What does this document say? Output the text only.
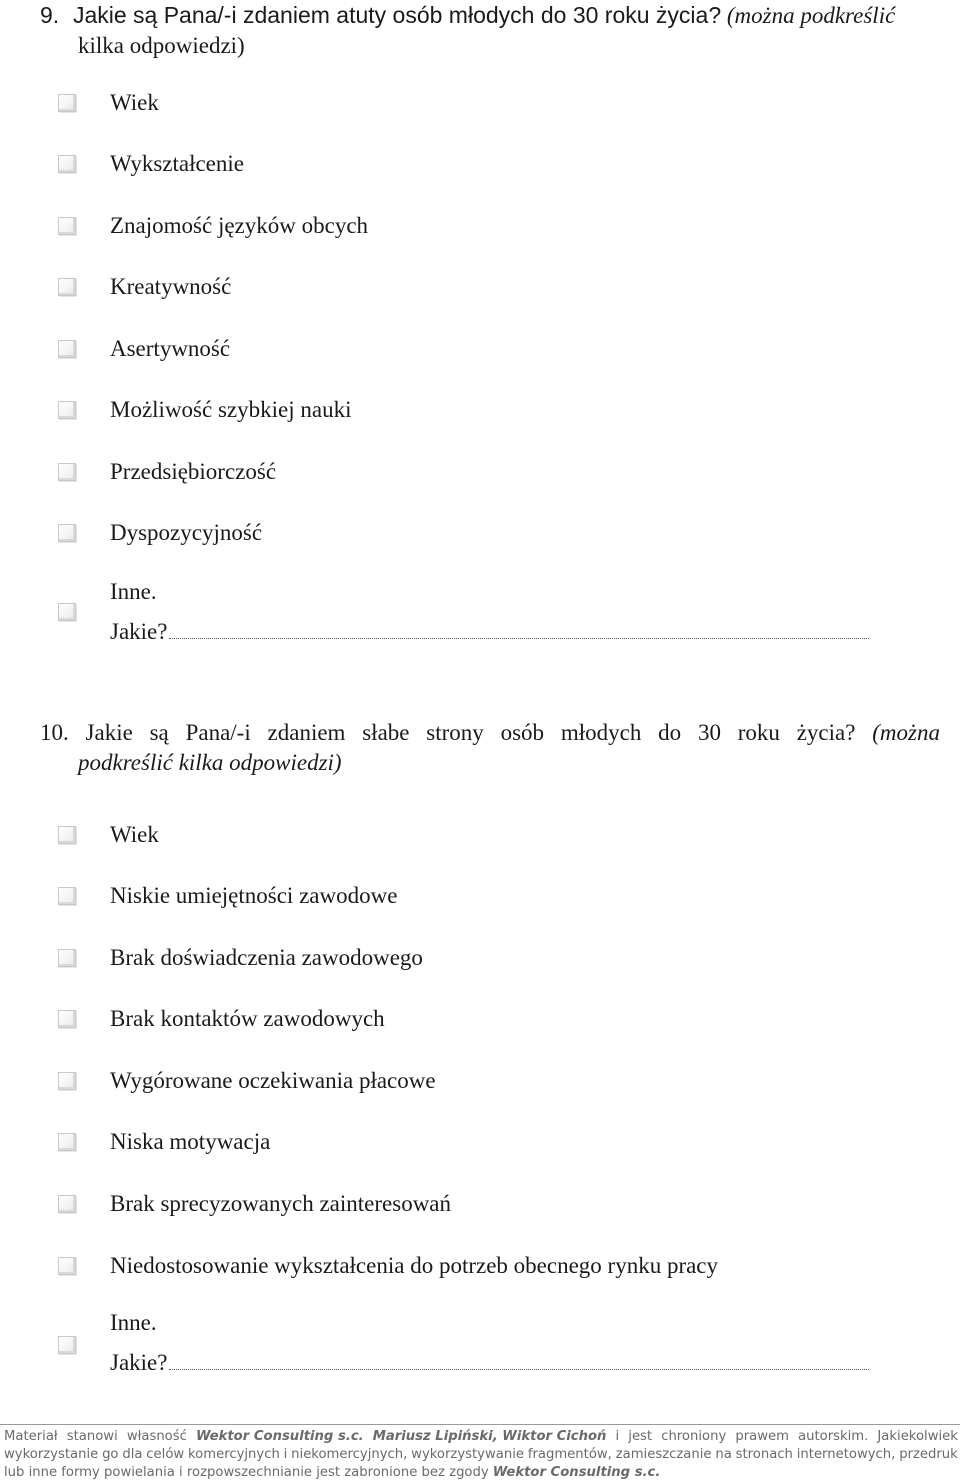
9. Jakie są Pana/-i zdaniem atuty osób młodych do 30 roku życia? (można podkreślić
kilka odpowiedzi)
Wiek
Wykształcenie
Znajomość języków obcych
Kreatywność
Asertywność
Możliwość szybkiej nauki
Przedsiębiorczość
Dyspozycyjność
Inne.
Jakie?
10. Jakie są Pana/-i zdaniem słabe strony osób młodych do 30 roku życia? (można
podkreślić kilka odpowiedzi)
Wiek
Niskie umiejętności zawodowe
Brak doświadczenia zawodowego
Brak kontaktów zawodowych
Wygórowane oczekiwania płacowe
Niska motywacja
Brak sprecyzowanych zainteresowań
Niedostosowanie wykształcenia do potrzeb obecnego rynku pracy
Inne.
Jakie?
Materiał stanowi własność Wektor Consulting s.c. Mariusz Lipiński, Wiktor Cichoń i jest chroniony prawem autorskim. Jakiekolwiek
wykorzystanie go dla celów komercyjnych i niekomercyjnych, wykorzystywanie fragmentów, zamieszczanie na stronach internetowych, przedruk
lub inne formy powielania i rozpowszechnianie jest zabronione bez zgody Wektor Consulting s.c.
